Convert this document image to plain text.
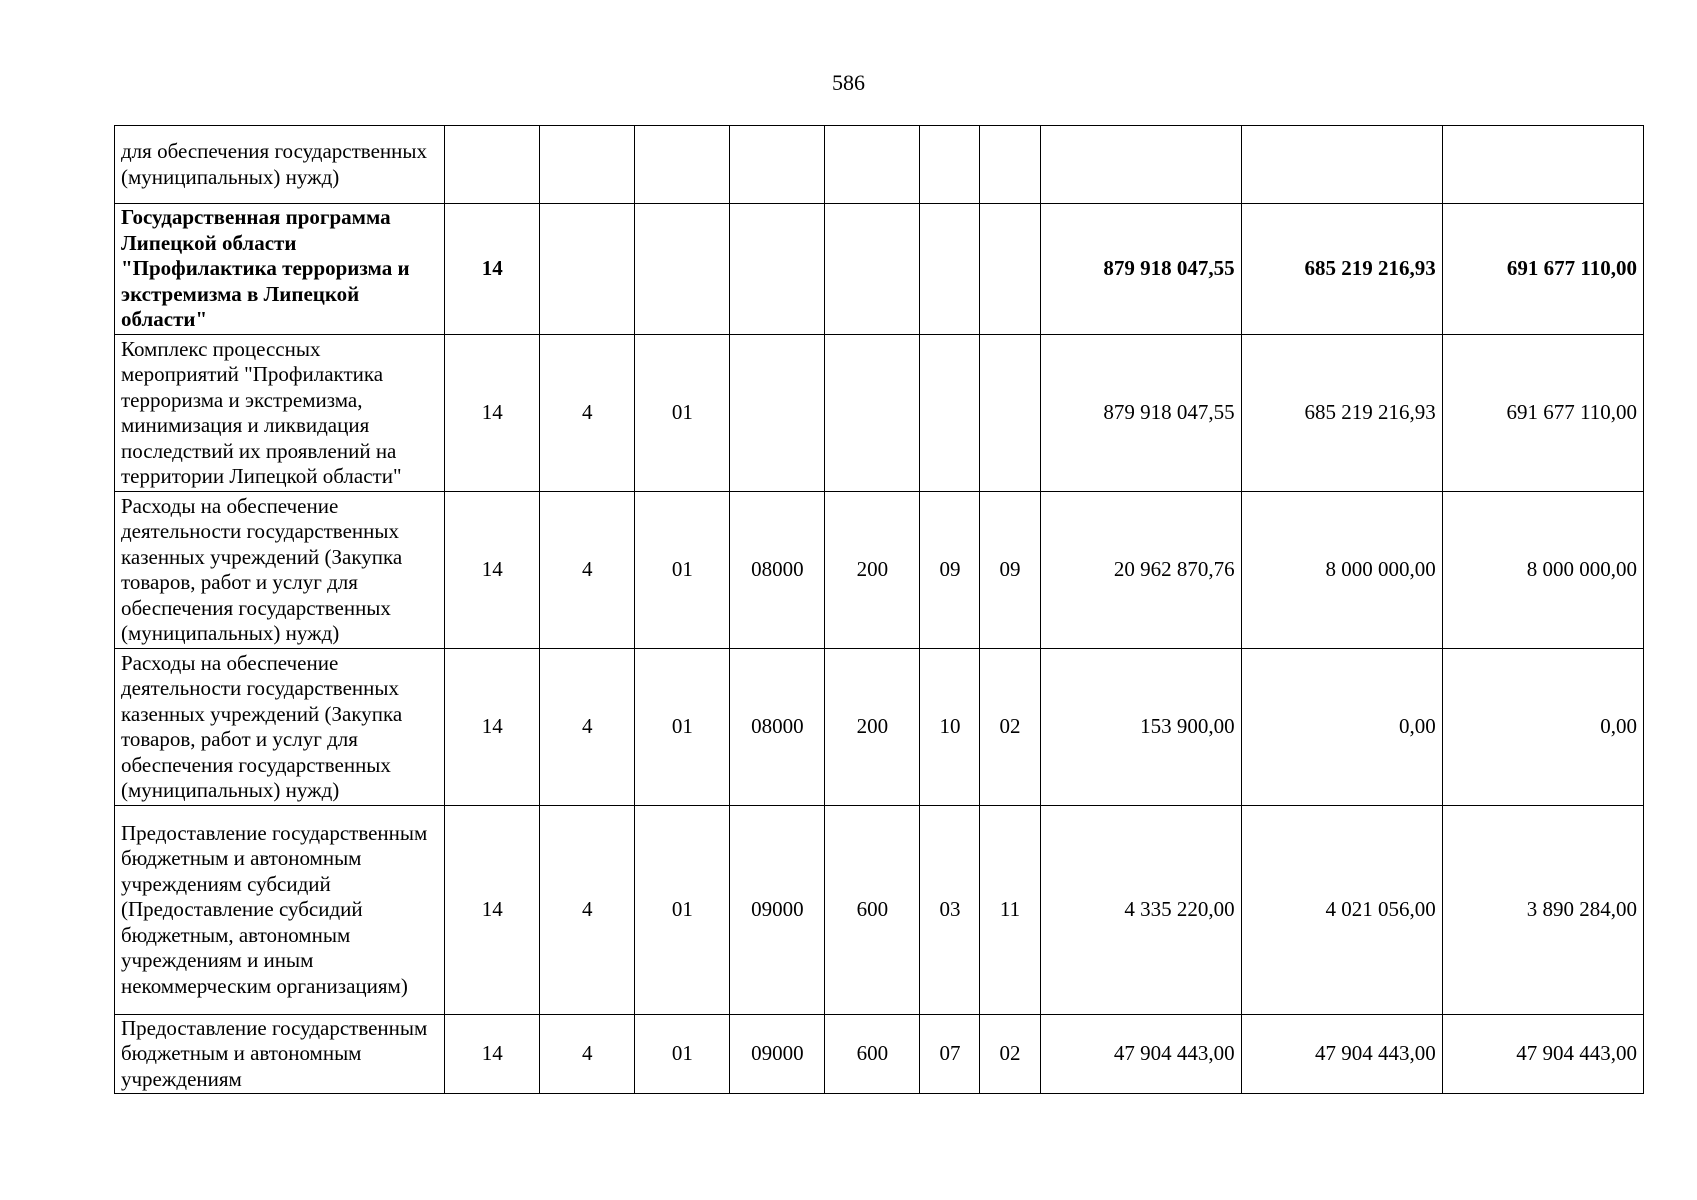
586
для обеспечения государственных (муниципальных) нужд)										
Государственная программа Липецкой области "Профилактика терроризма и экстремизма в Липецкой области"	14							879 918 047,55	685 219 216,93	691 677 110,00
Комплекс процессных мероприятий "Профилактика терроризма и экстремизма, минимизация и ликвидация последствий их проявлений на территории Липецкой области"	14	4	01					879 918 047,55	685 219 216,93	691 677 110,00
Расходы на обеспечение деятельности государственных казенных учреждений (Закупка товаров, работ и услуг для обеспечения государственных (муниципальных) нужд)	14	4	01	08000	200	09	09	20 962 870,76	8 000 000,00	8 000 000,00
Расходы на обеспечение деятельности государственных казенных учреждений (Закупка товаров, работ и услуг для обеспечения государственных (муниципальных) нужд)	14	4	01	08000	200	10	02	153 900,00	0,00	0,00
Предоставление государственным бюджетным и автономным учреждениям субсидий (Предоставление субсидий бюджетным, автономным учреждениям и иным некоммерческим организациям)	14	4	01	09000	600	03	11	4 335 220,00	4 021 056,00	3 890 284,00
Предоставление государственным бюджетным и автономным учреждениям	14	4	01	09000	600	07	02	47 904 443,00	47 904 443,00	47 904 443,00
